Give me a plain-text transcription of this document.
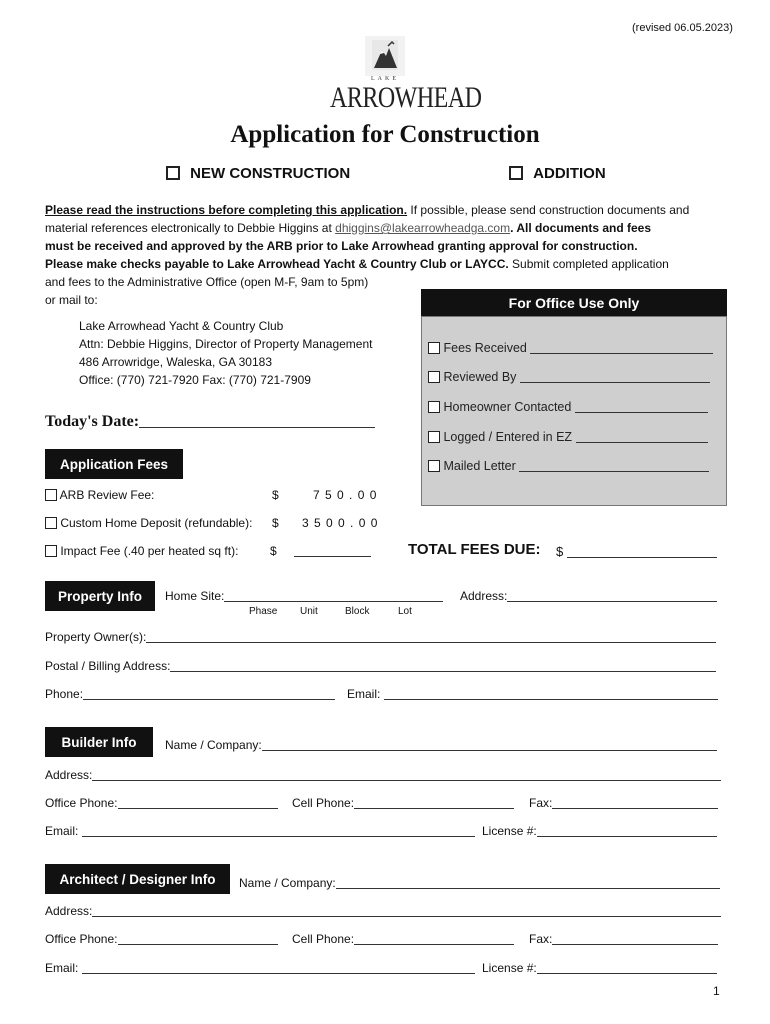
(revised 06.05.2023)
LAKE
ARROWHEAD
Application for Construction
NEW CONSTRUCTION	ADDITION
Please read the instructions before completing this application. If possible, please send construction documents and
material references electronically to Debbie Higgins at dhiggins@lakearrowheadga.com. All documents and fees
must be received and approved by the ARB prior to Lake Arrowhead granting approval for construction.
Please make checks payable to Lake Arrowhead Yacht & Country Club or LAYCC. Submit completed application
and fees to the Administrative Office (open M-F, 9am to 5pm)
or mail to:
Lake Arrowhead Yacht & Country Club
Attn: Debbie Higgins, Director of Property Management
486 Arrowridge, Waleska, GA 30183
Office: (770) 721-7920 Fax: (770) 721-7909
For Office Use Only
Fees Received
Reviewed By
Homeowner Contacted
Logged / Entered in EZ
Mailed Letter
Today's Date:
Application Fees
ARB Review Fee:	$	7 5 0 . 0 0
Custom Home Deposit (refundable): $ 3 5 0 0 . 0 0
Impact Fee (.40 per heated sq ft):	$	TOTAL FEES DUE: $
Property Info	Home Site:
Phase Unit	Block	Lot
Address:
Property Owner(s):
Postal / Billing Address:
Phone:	Email:
Builder Info	Name / Company:
Address:
Office Phone:	Cell Phone:	Fax:
Email:	License #:
Architect / Designer Info	Name / Company:
Address:
Office Phone:	Cell Phone:	Fax:
Email:	License #:
1
